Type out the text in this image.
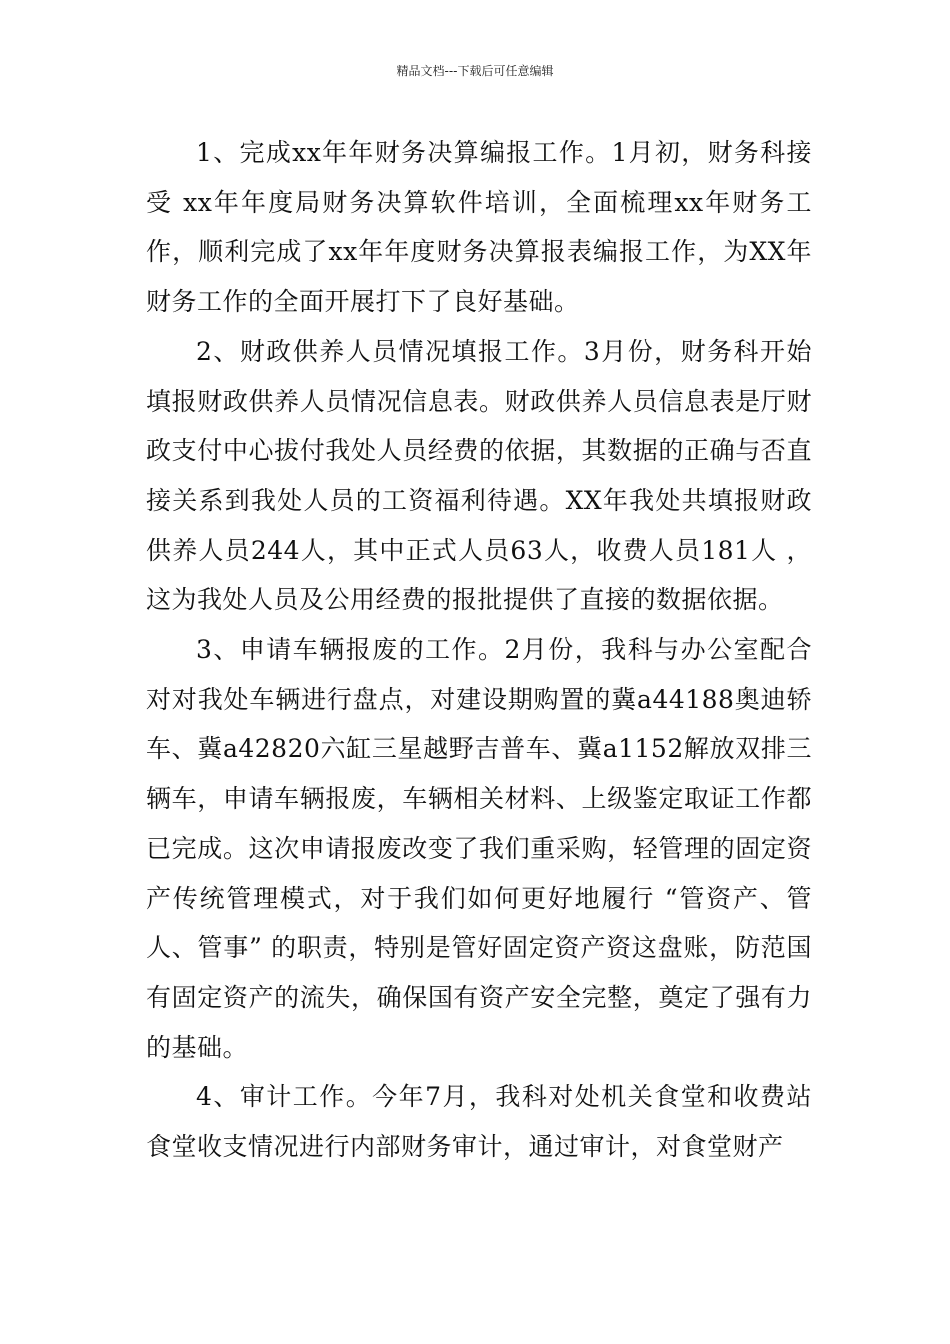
精品文档---下载后可任意编辑

1、完成xx年年财务决算编报工作。1月初，财务科接受 xx年年度局财务决算软件培训，全面梳理xx年财务工作，顺利完成了xx年年度财务决算报表编报工作，为XX年财务工作的全面开展打下了良好基础。

2、财政供养人员情况填报工作。3月份，财务科开始填报财政供养人员情况信息表。财政供养人员信息表是厅财政支付中心拔付我处人员经费的依据，其数据的正确与否直接关系到我处人员的工资福利待遇。XX年我处共填报财政供养人员244人，其中正式人员63人，收费人员181人 ，这为我处人员及公用经费的报批提供了直接的数据依据。

3、申请车辆报废的工作。2月份，我科与办公室配合对对我处车辆进行盘点，对建设期购置的冀a44188奥迪轿车、冀a42820六缸三星越野吉普车、冀a1152解放双排三辆车，申请车辆报废，车辆相关材料、上级鉴定取证工作都已完成。这次申请报废改变了我们重采购，轻管理的固定资产传统管理模式，对于我们如何更好地履行 “管资产、管人、管事” 的职责，特别是管好固定资产资这盘账，防范国有固定资产的流失，确保国有资产安全完整，奠定了强有力的基础。

4、审计工作。今年7月，我科对处机关食堂和收费站食堂收支情况进行内部财务审计，通过审计，对食堂财产
